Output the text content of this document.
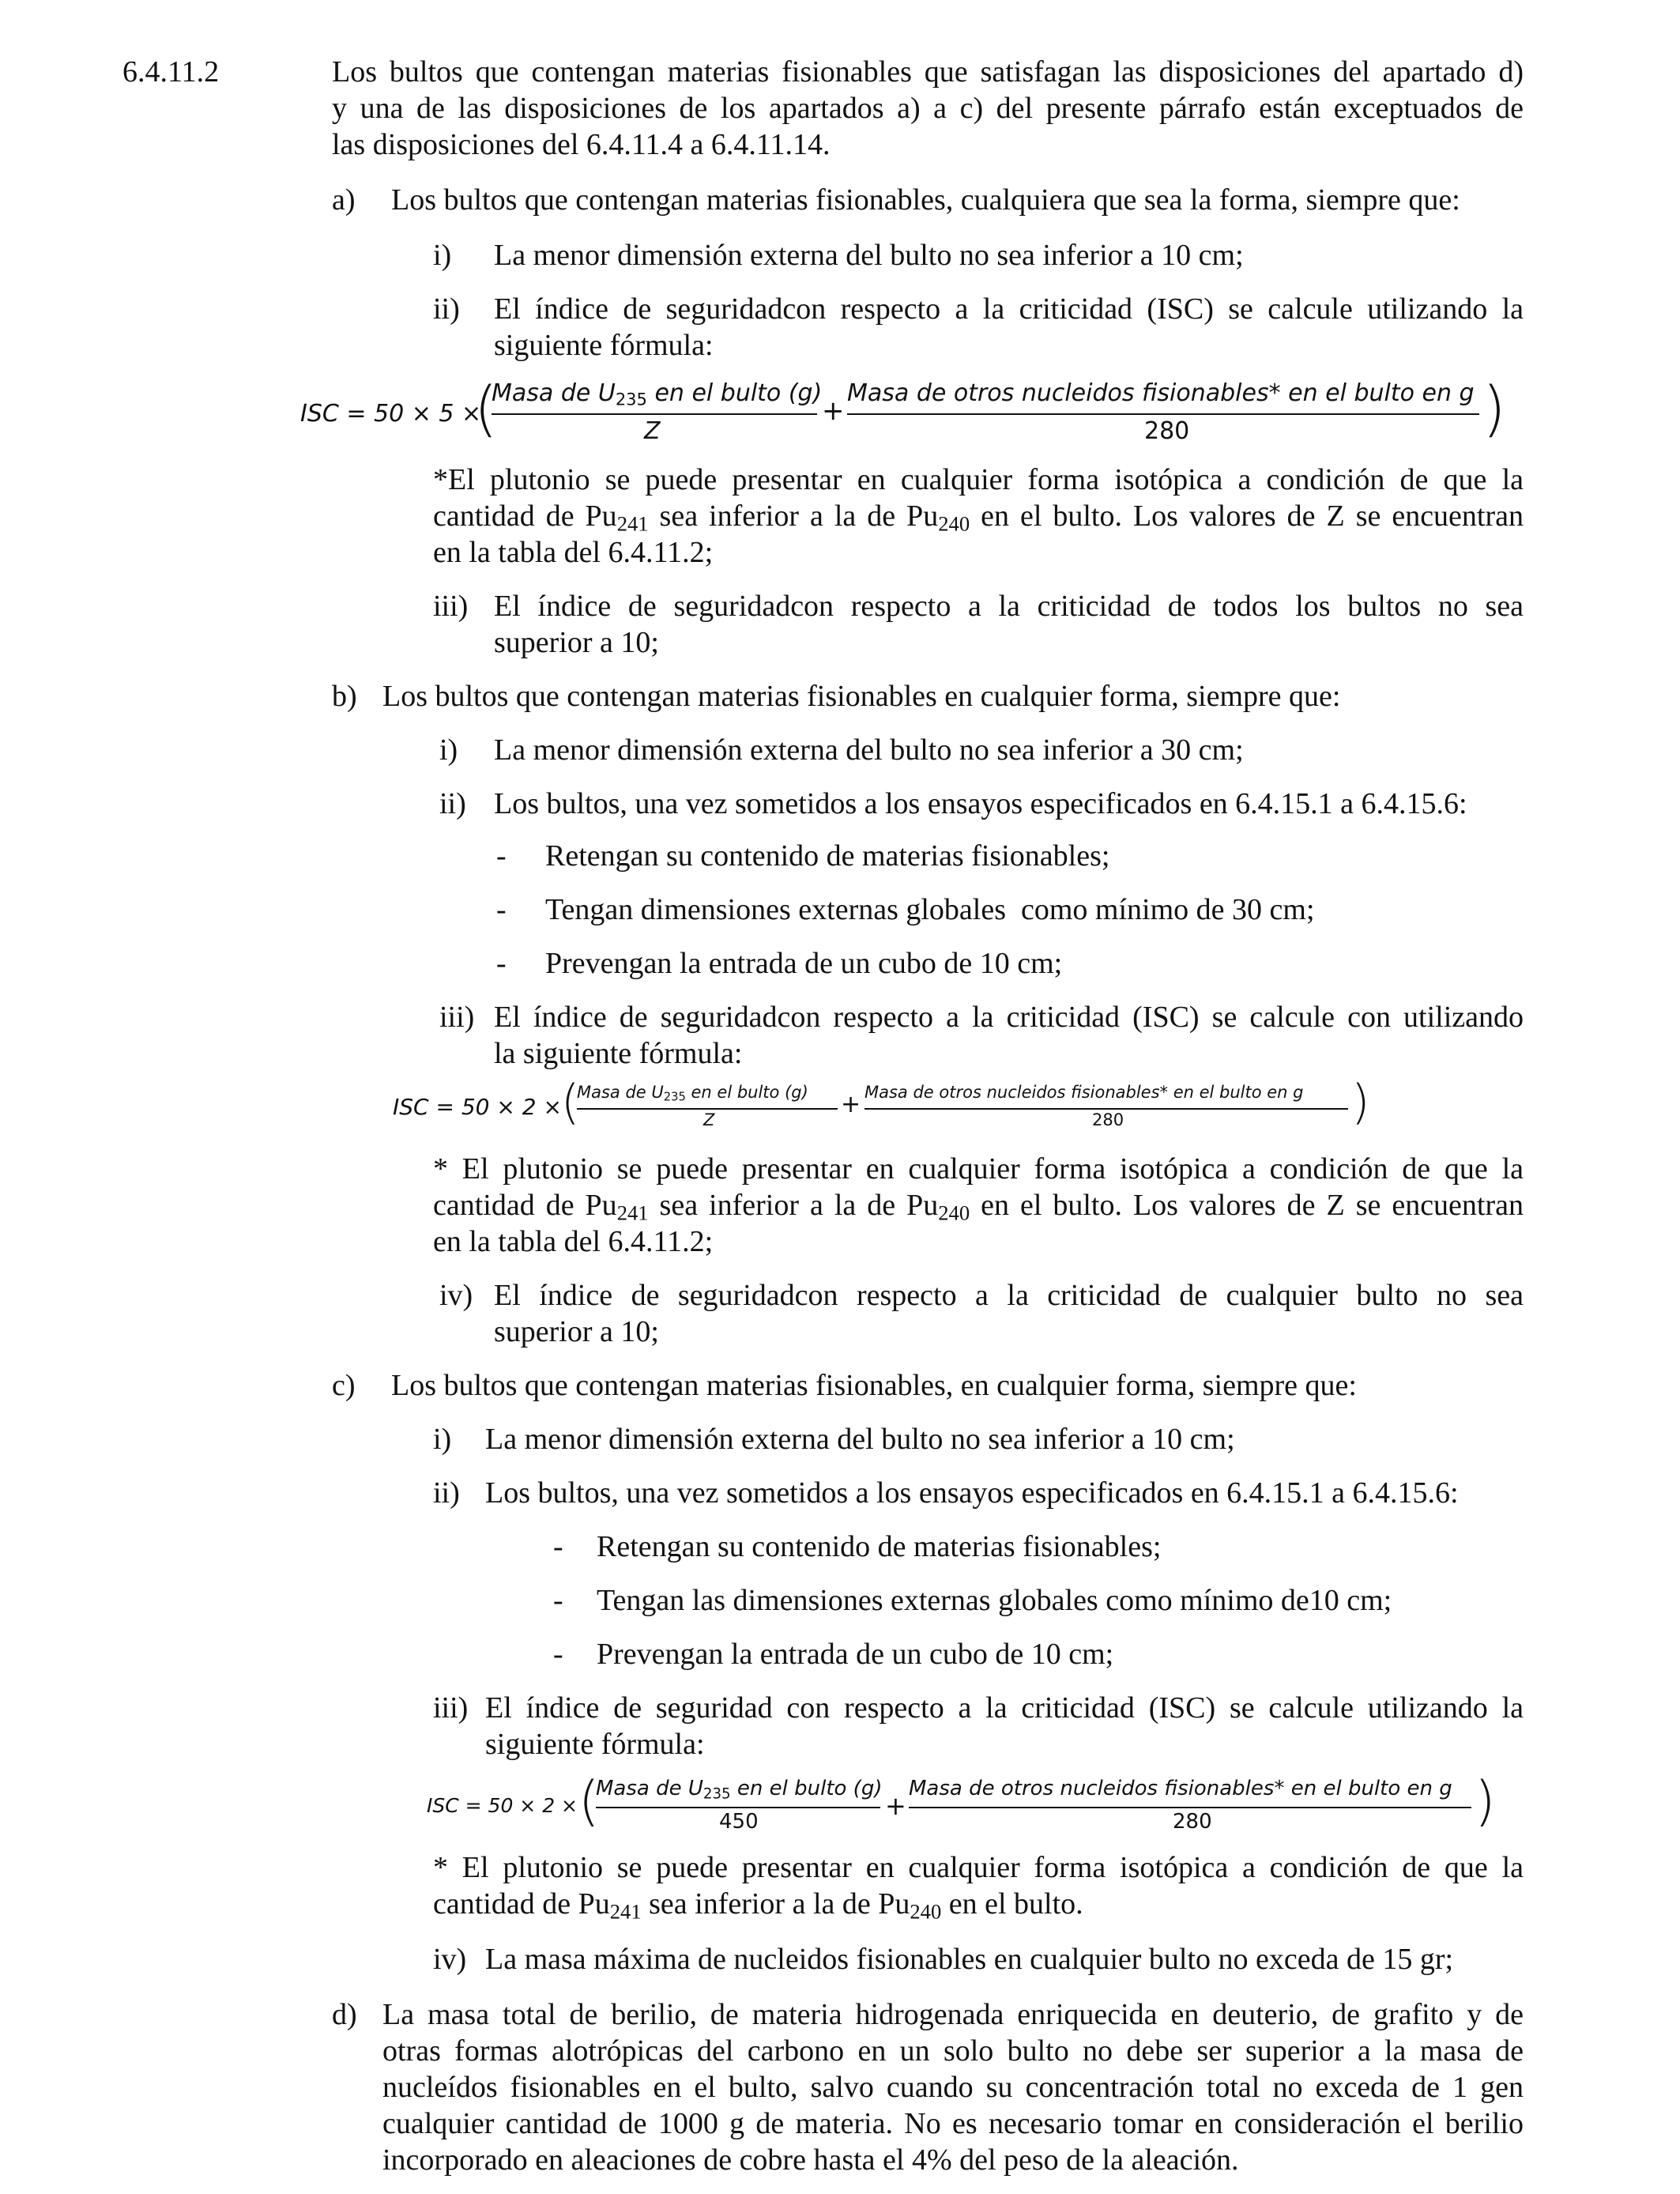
6.4.11.2	Los bultos que contengan materias fisionables que satisfagan las disposiciones del apartado d)
y una de las disposiciones de los apartados a) a c) del presente párrafo están exceptuados de
las disposiciones del 6.4.11.4 a 6.4.11.14.
a) Los bultos que contengan materias fisionables, cualquiera que sea la forma, siempre que:
i) La menor dimensión externa del bulto no sea inferior a 10 cm;
ii) El índice de seguridadcon respecto a la criticidad (ISC) se calcule utilizando la
siguiente fórmula:
ISC = 50 × 5 ×
(
Masa de $U_{235}$ en el bulto (g)
Z
+
Masa de otros nucleidos fisionables* en el bulto en g
280	)
*El plutonio se puede presentar en cualquier forma isotópica a condición de que la
cantidad de $Pu_{241}$ sea inferior a la de $Pu_{240}$ en el bulto. Los valores de Z se encuentran
en la tabla del 6.4.11.2;
iii) El índice de seguridadcon respecto a la criticidad de todos los bultos no sea
superior a 10;
b) Los bultos que contengan materias fisionables en cualquier forma, siempre que:
i) La menor dimensión externa del bulto no sea inferior a 30 cm;
ii) Los bultos, una vez sometidos a los ensayos especificados en 6.4.15.1 a 6.4.15.6:
- Retengan su contenido de materias fisionables;
- Tengan dimensiones externas globales  como mínimo de 30 cm;
- Prevengan la entrada de un cubo de 10 cm;
iii) El índice de seguridadcon respecto a la criticidad (ISC) se calcule con utilizando
la siguiente fórmula:
ISC = 50 × 2 × (
Masa de $U_{235}$ en el bulto (g)
Z
+ Masa de otros nucleidos fisionables* en el bulto en g
280	)
* El plutonio se puede presentar en cualquier forma isotópica a condición de que la
cantidad de $Pu_{241}$ sea inferior a la de $Pu_{240}$ en el bulto. Los valores de Z se encuentran
en la tabla del 6.4.11.2;
iv) El índice de seguridadcon respecto a la criticidad de cualquier bulto no sea
superior a 10;
c) Los bultos que contengan materias fisionables, en cualquier forma, siempre que:
i) La menor dimensión externa del bulto no sea inferior a 10 cm;
ii) Los bultos, una vez sometidos a los ensayos especificados en 6.4.15.1 a 6.4.15.6:
- Retengan su contenido de materias fisionables;
- Tengan las dimensiones externas globales como mínimo de10 cm;
- Prevengan la entrada de un cubo de 10 cm;
iii) El índice de seguridad con respecto a la criticidad (ISC) se calcule utilizando la
siguiente fórmula:
ISC = 50 × 2 × (
Masa de $U_{235}$ en el bulto (g)
450
+
Masa de otros nucleidos fisionables* en el bulto en g
280	)
* El plutonio se puede presentar en cualquier forma isotópica a condición de que la
cantidad de $Pu_{241}$ sea inferior a la de $Pu_{240}$ en el bulto.
iv) La masa máxima de nucleidos fisionables en cualquier bulto no exceda de 15 gr;
d) La masa total de berilio, de materia hidrogenada enriquecida en deuterio, de grafito y de
otras formas alotrópicas del carbono en un solo bulto no debe ser superior a la masa de
nucleídos fisionables en el bulto, salvo cuando su concentración total no exceda de 1 gen
cualquier cantidad de 1000 g de materia. No es necesario tomar en consideración el berilio
incorporado en aleaciones de cobre hasta el 4% del peso de la aleación.
